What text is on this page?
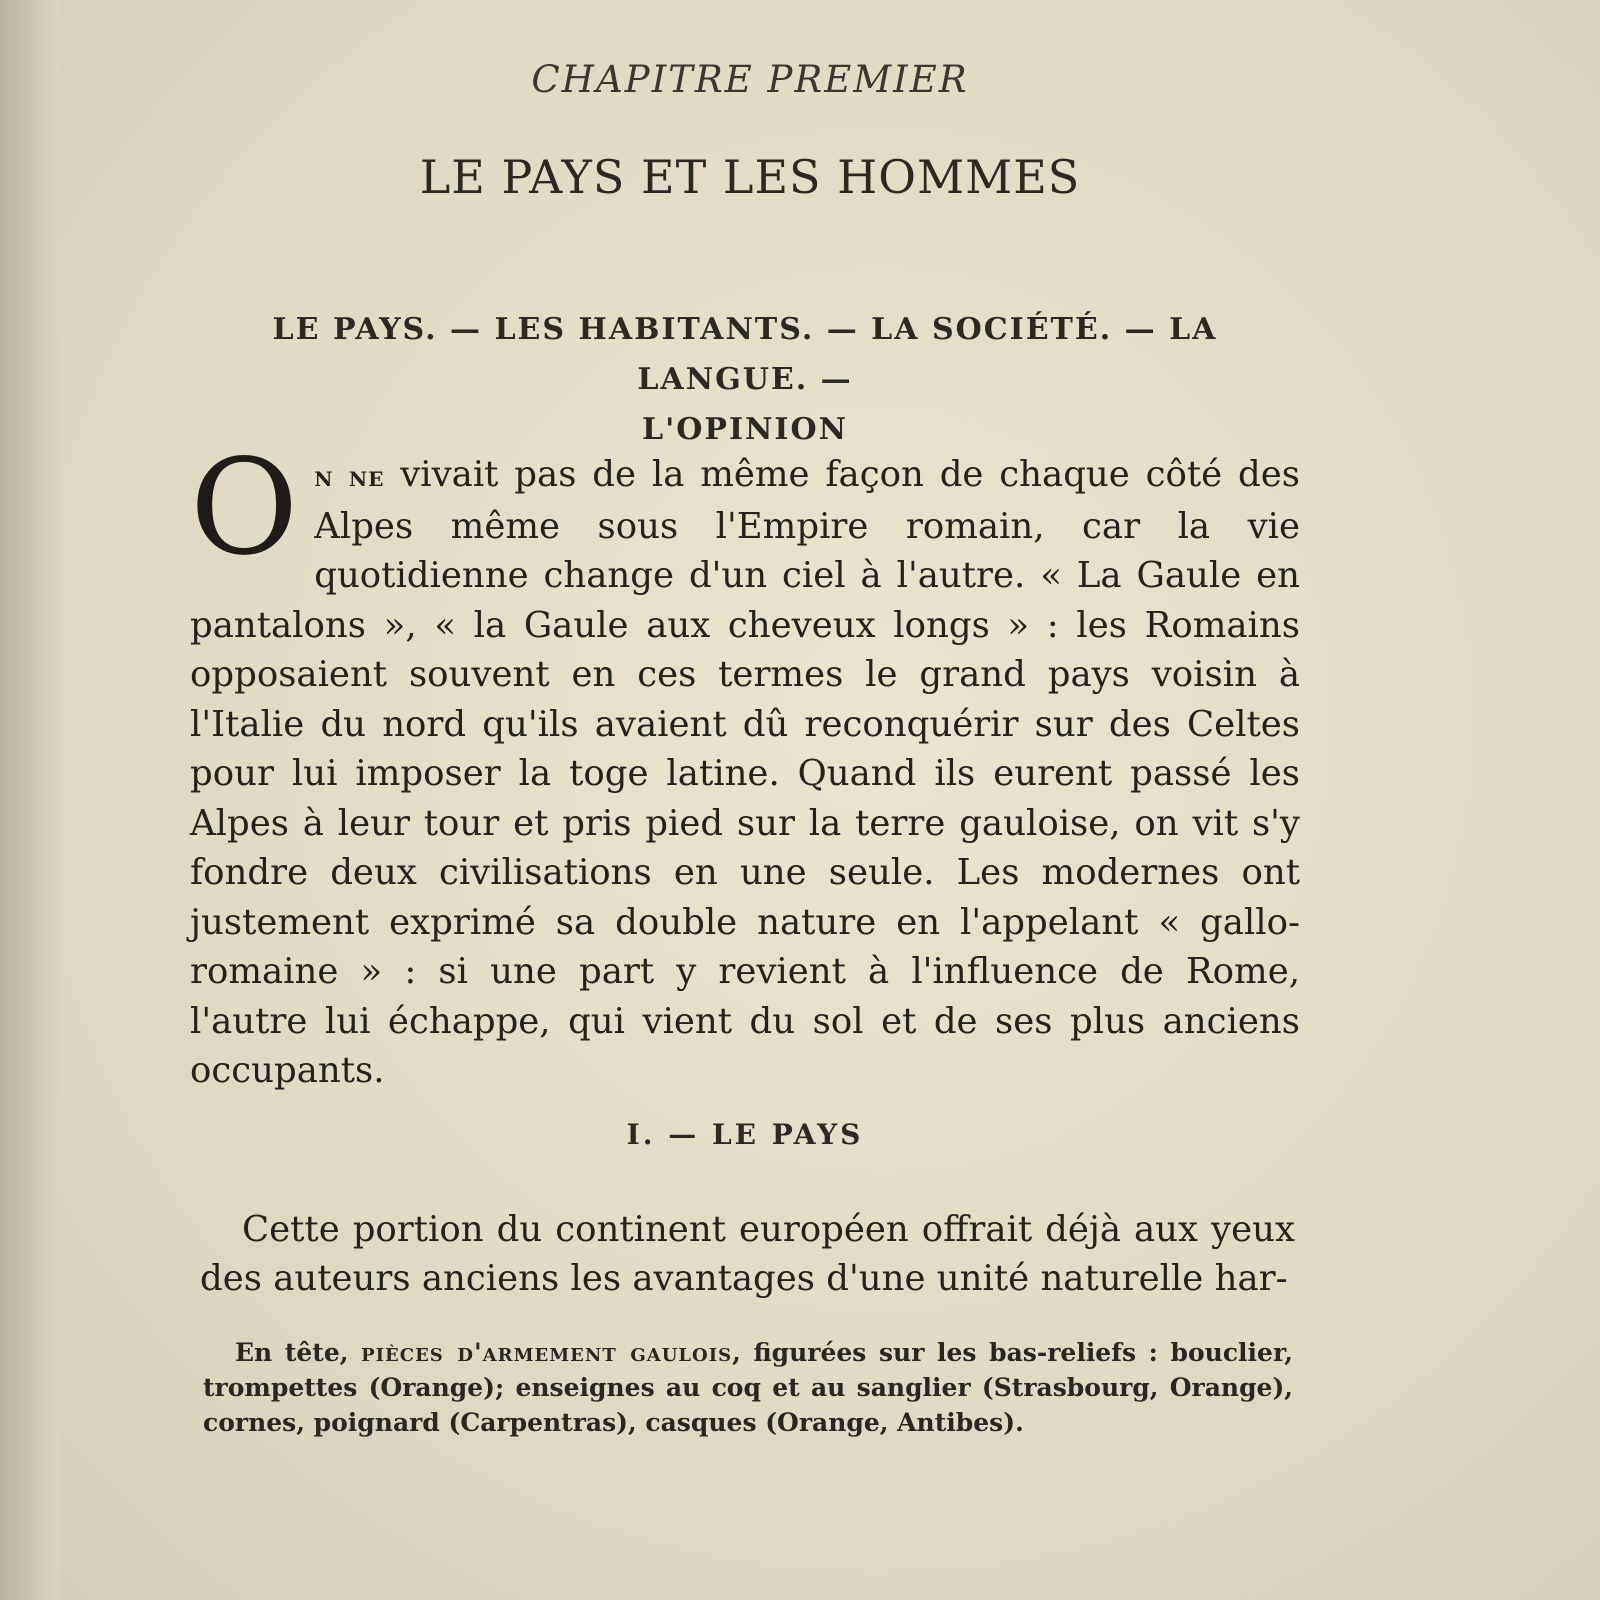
CHAPITRE PREMIER
LE PAYS ET LES HOMMES
LE PAYS. — LES HABITANTS. — LA SOCIÉTÉ. — LA LANGUE. —
L'OPINION
On ne vivait pas de la même façon de chaque côté des Alpes même sous l'Empire romain, car la vie quotidienne change d'un ciel à l'autre. « La Gaule en pantalons », « la Gaule aux cheveux longs » : les Romains opposaient souvent en ces termes le grand pays voisin à l'Italie du nord qu'ils avaient dû reconquérir sur des Celtes pour lui imposer la toge latine. Quand ils eurent passé les Alpes à leur tour et pris pied sur la terre gauloise, on vit s'y fondre deux civilisations en une seule. Les modernes ont justement exprimé sa double nature en l'appelant « gallo-romaine » : si une part y revient à l'influence de Rome, l'autre lui échappe, qui vient du sol et de ses plus anciens occupants.
I. — LE PAYS
Cette portion du continent européen offrait déjà aux yeux des auteurs anciens les avantages d'une unité naturelle har-
En tête, pièces d'armement gaulois, figurées sur les bas-reliefs : bouclier, trompettes (Orange); enseignes au coq et au sanglier (Strasbourg, Orange), cornes, poignard (Carpentras), casques (Orange, Antibes).
